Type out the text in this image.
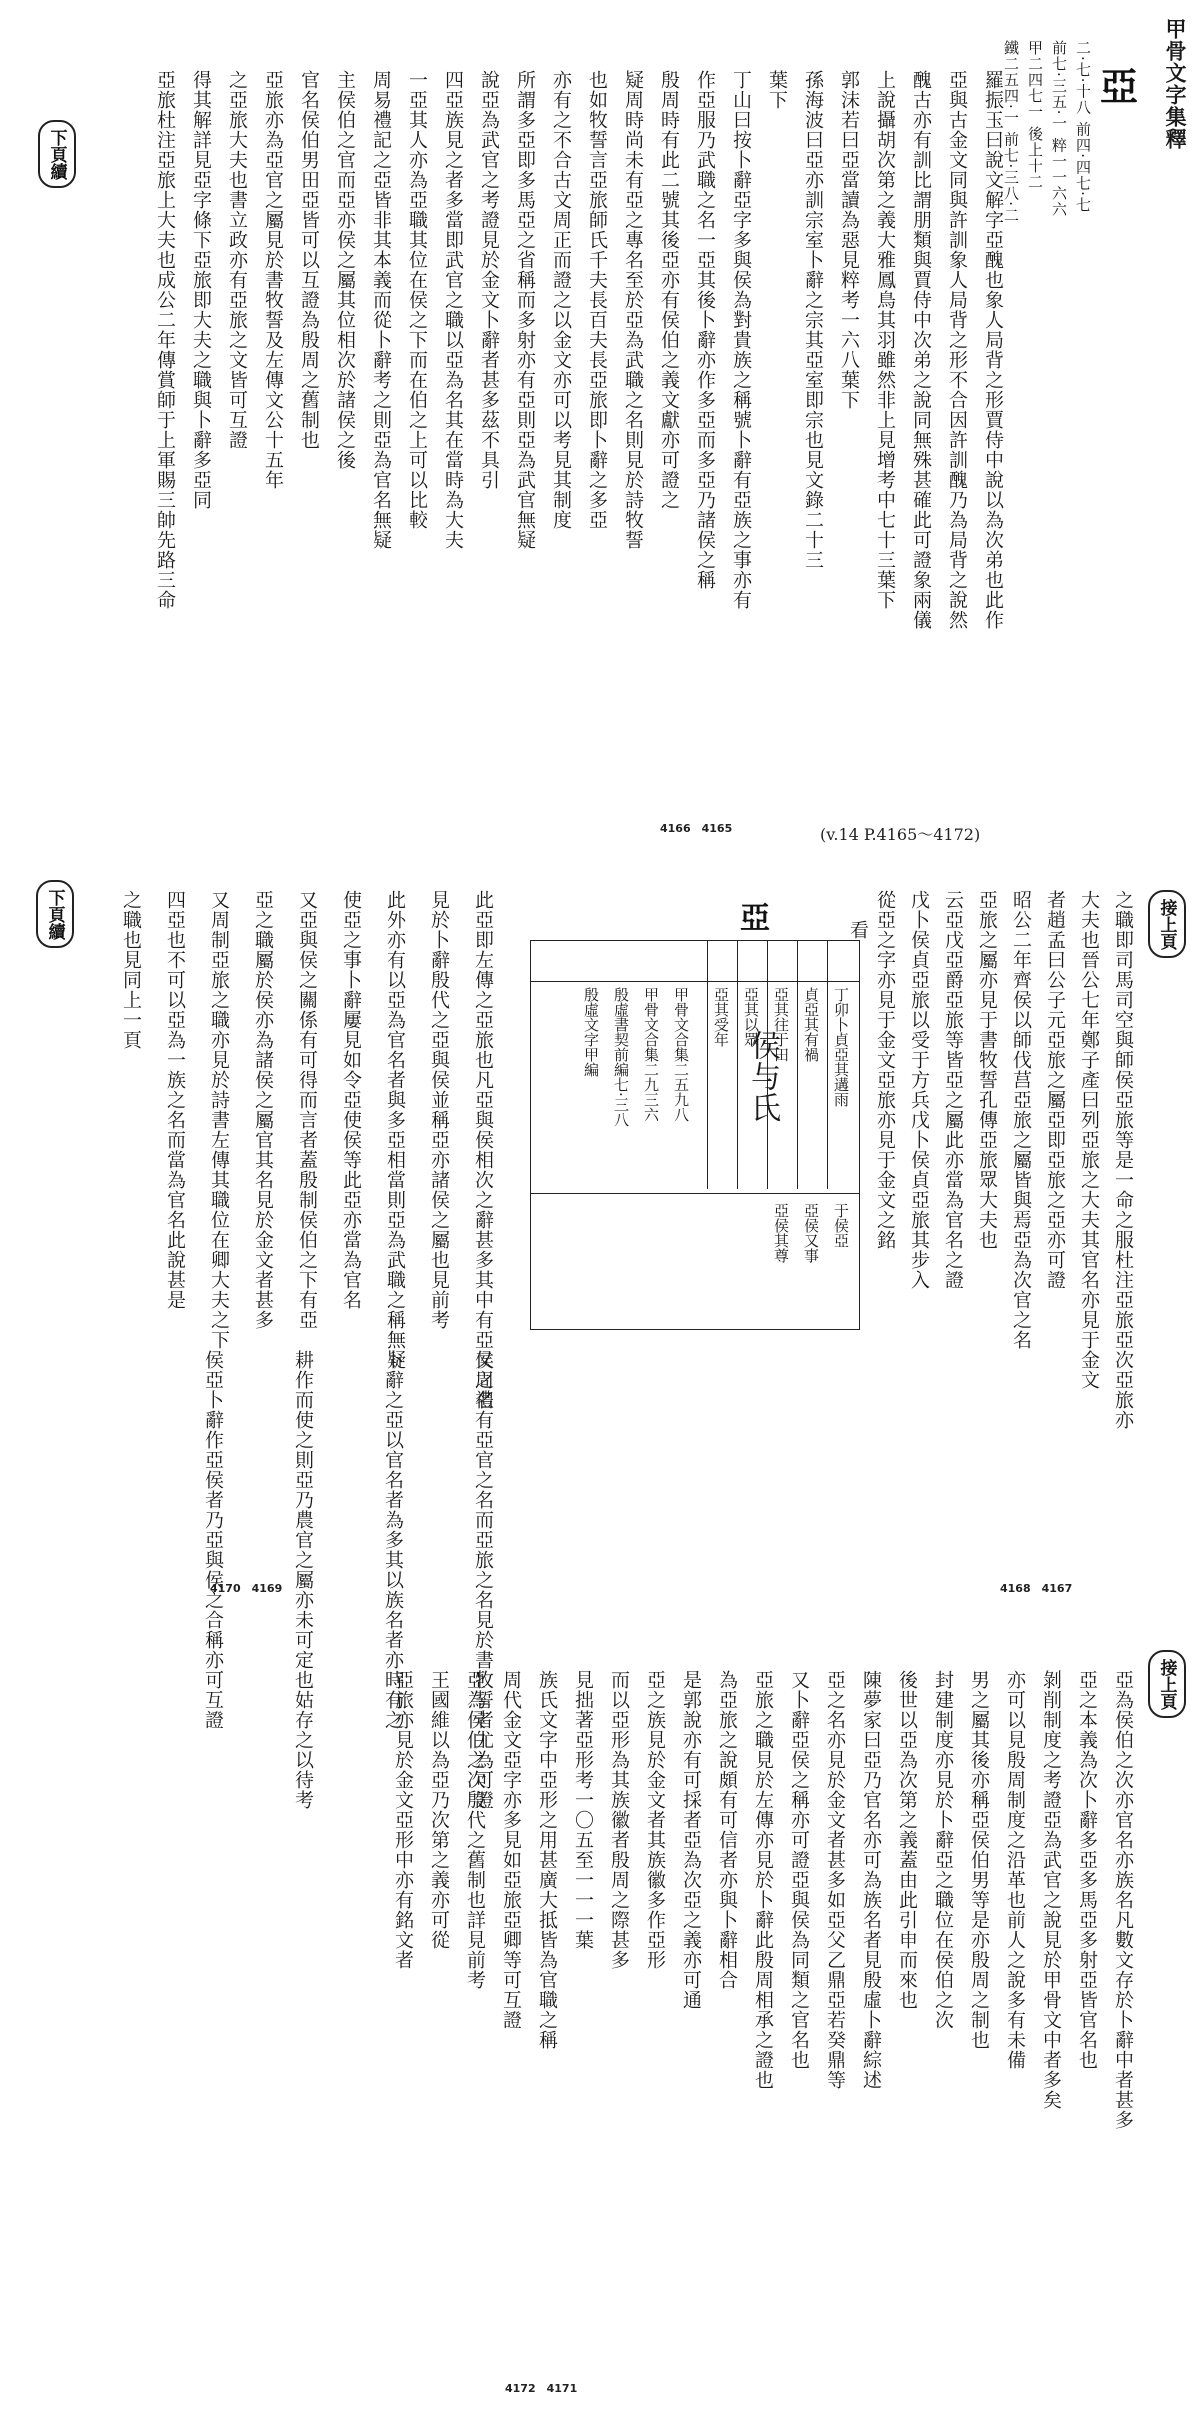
甲骨文字集釋
亞
下頁續
4166　4165	(v.14 P.4165～4172)
二·七·十八 前四·四七·七
前七·三五·一 粹一一六六
甲二四七一 後上十二
鐵二五四·一 前七·三八·二
羅振玉曰說文解字亞醜也象人局背之形賈侍中說以為次弟也此作
亞與古金文同與許訓象人局背之形不合因許訓醜乃為局背之說然
醜古亦有訓比謂朋類與賈侍中次弟之說同無殊甚確此可證象兩儀
上說攝胡次第之義大雅鳳鳥其羽雖然非上見增考中七十三葉下
郭沫若曰亞當讀為惡見粹考一六八葉下
孫海波曰亞亦訓宗室卜辭之宗其亞室即宗也見文錄二十三
葉下
丁山曰按卜辭亞字多與侯為對貴族之稱號卜辭有亞族之事亦有
作亞服乃武職之名一亞其後卜辭亦作多亞而多亞乃諸侯之稱
殷周時有此二號其後亞亦有侯伯之義文獻亦可證之
疑周時尚未有亞之專名至於亞為武職之名則見於詩牧誓
也如牧誓言亞旅師氏千夫長百夫長亞旅即卜辭之多亞
亦有之不合古文周正而證之以金文亦可以考見其制度
所謂多亞即多馬亞之省稱而多射亦有亞則亞為武官無疑
說亞為武官之考證見於金文卜辭者甚多茲不具引
四亞族見之者多當即武官之職以亞為名其在當時為大夫
一亞其人亦為亞職其位在侯之下而在伯之上可以比較
周易禮記之亞皆非其本義而從卜辭考之則亞為官名無疑
主侯伯之官而亞亦侯之屬其位相次於諸侯之後
官名侯伯男田亞皆可以互證為殷周之舊制也
亞旅亦為亞官之屬見於書牧誓及左傳文公十五年
之亞旅大夫也書立政亦有亞旅之文皆可互證
得其解詳見亞字條下亞旅即大夫之職與卜辭多亞同
亞旅杜注亞旅上大夫也成公二年傳賞師于上軍賜三帥先路三命
下頁續
4170　4169
此亞即左傳之亞旅也凡亞與侯相次之辭甚多其中有亞侯之名
見於卜辭殷代之亞與侯並稱亞亦諸侯之屬也見前考
此外亦有以亞為官名者與多亞相當則亞為武職之稱無疑
使亞之事卜辭屢見如令亞使侯等此亞亦當為官名
又亞與侯之關係有可得而言者蓋殷制侯伯之下有亞
亞之職屬於侯亦為諸侯之屬官其名見於金文者甚多
又周制亞旅之職亦見於詩書左傳其職位在卿大夫之下
四亞也不可以亞為一族之名而當為官名此說甚是
之職也見同上一頁
又周禮有亞官之名而亞旅之名見於書牧誓者尤為可證
卜辭之亞以官名者為多其以族名者亦時有之
耕作而使之則亞乃農官之屬亦未可定也姑存之以待考
侯亞卜辭作亞侯者乃亞與侯之合稱亦可互證
丁卯卜貞亞其遘雨
貞亞其有禍
亞其往于田
亞其以眾
亞其受年
甲骨文合集二五九八
甲骨文合集二九三六
殷虛書契前編七·三八
殷虛文字甲編
于侯亞
亞侯又事
亞侯其尊
亞
侯与氏
接上頁
看
4168　4167
之職即司馬司空與師侯亞旅等是一命之服杜注亞旅亞次亞旅亦
大夫也晉公七年鄭子產曰列亞旅之大夫其官名亦見于金文
者趙孟曰公子元亞旅之屬亞即亞旅之亞亦可證
昭公二年齊侯以師伐莒亞旅之屬皆與焉亞為次官之名
亞旅之屬亦見于書牧誓孔傳亞旅眾大夫也
云亞戊亞爵亞旅等皆亞之屬此亦當為官名之證
戊卜侯貞亞旅以受于方兵戊卜侯貞亞旅其步入
從亞之字亦見于金文亞旅亦見于金文之銘
接上頁
4172　4171
亞為侯伯之次亦官名亦族名凡數文存於卜辭中者甚多
亞之本義為次卜辭多亞多馬亞多射亞皆官名也
剝削制度之考證亞為武官之說見於甲骨文中者多矣
亦可以見殷周制度之沿革也前人之說多有未備
男之屬其後亦稱亞侯伯男等是亦殷周之制也
封建制度亦見於卜辭亞之職位在侯伯之次
後世以亞為次第之義蓋由此引申而來也
陳夢家曰亞乃官名亦可為族名者見殷虛卜辭綜述
亞之名亦見於金文者甚多如亞父乙鼎亞若癸鼎等
又卜辭亞侯之稱亦可證亞與侯為同類之官名也
亞旅之職見於左傳亦見於卜辭此殷周相承之證也
為亞旅之說頗有可信者亦與卜辭相合
是郭說亦有可採者亞為次亞之義亦可通
亞之族見於金文者其族徽多作亞形
而以亞形為其族徽者殷周之際甚多
見拙著亞形考一〇五至一一一葉
族氏文字中亞形之用甚廣大抵皆為官職之稱
周代金文亞字亦多見如亞旅亞卿等可互證
亞為侯伯之次殷代之舊制也詳見前考
王國維以為亞乃次第之義亦可從
亞旅亦見於金文亞形中亦有銘文者
